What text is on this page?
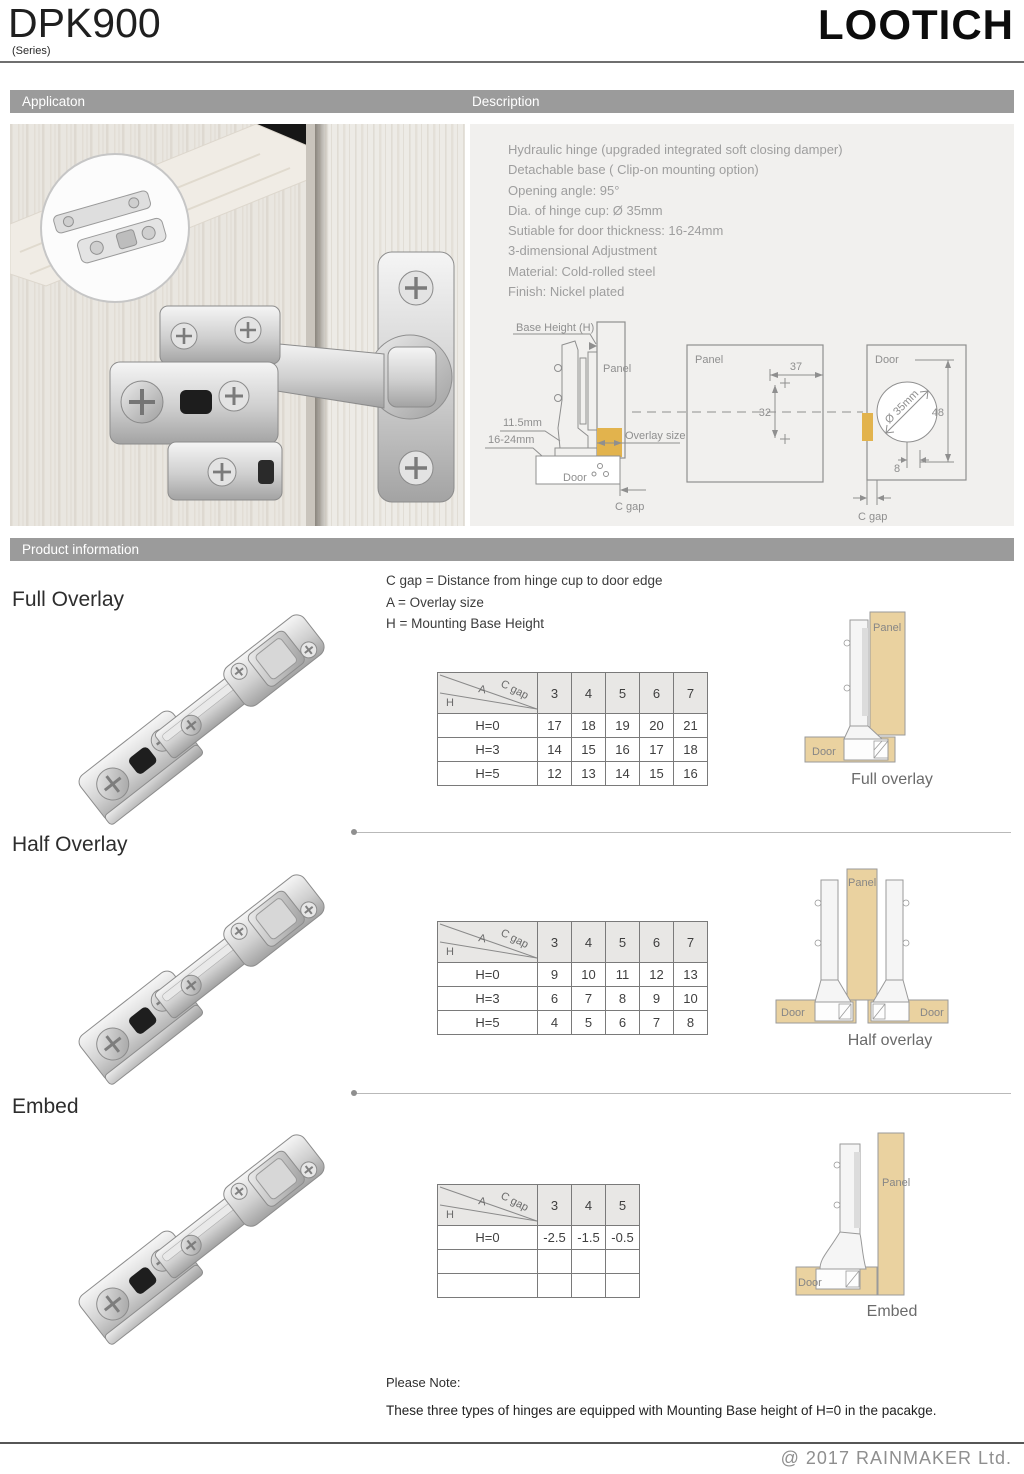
DPK900
(Series)
LOOTICH
Applicaton	Description
Hydraulic hinge (upgraded integrated soft closing damper)
Detachable base ( Clip-on mounting option)
Opening angle: 95°
Dia. of hinge cup: Ø 35mm
Sutiable for door thickness: 16-24mm
3-dimensional Adjustment
Material: Cold-rolled steel
Finish: Nickel plated
Base Height (H)
Panel
Overlay size
11.5mm
16-24mm
Door
C gap
Panel
37
32
Door
Ø 35mm 48
8
C gap
Product information
C gap = Distance from hinge cup to door edge
A = Overlay size
H = Mounting Base Height
Full Overlay
C gap
A
H	3	4	5	6	7
H=0	17	18	19	20	21
H=3	14	15	16	17	18
H=5	12	13	14	15	16
Panel
Door
Full overlay
Half Overlay
C gap
A
H	3	4	5	6	7
H=0	9	10	11	12	13
H=3	6	7	8	9	10
H=5	4	5	6	7	8
Panel
Door	Door
Half overlay
Embed
C gap
A
H	3	4	5
H=0	-2.5	-1.5	-0.5

Panel
Door
Embed
Please Note:
These three types of hinges are equipped with Mounting Base height of H=0 in the pacakge.
@ 2017 RAINMAKER Ltd.
